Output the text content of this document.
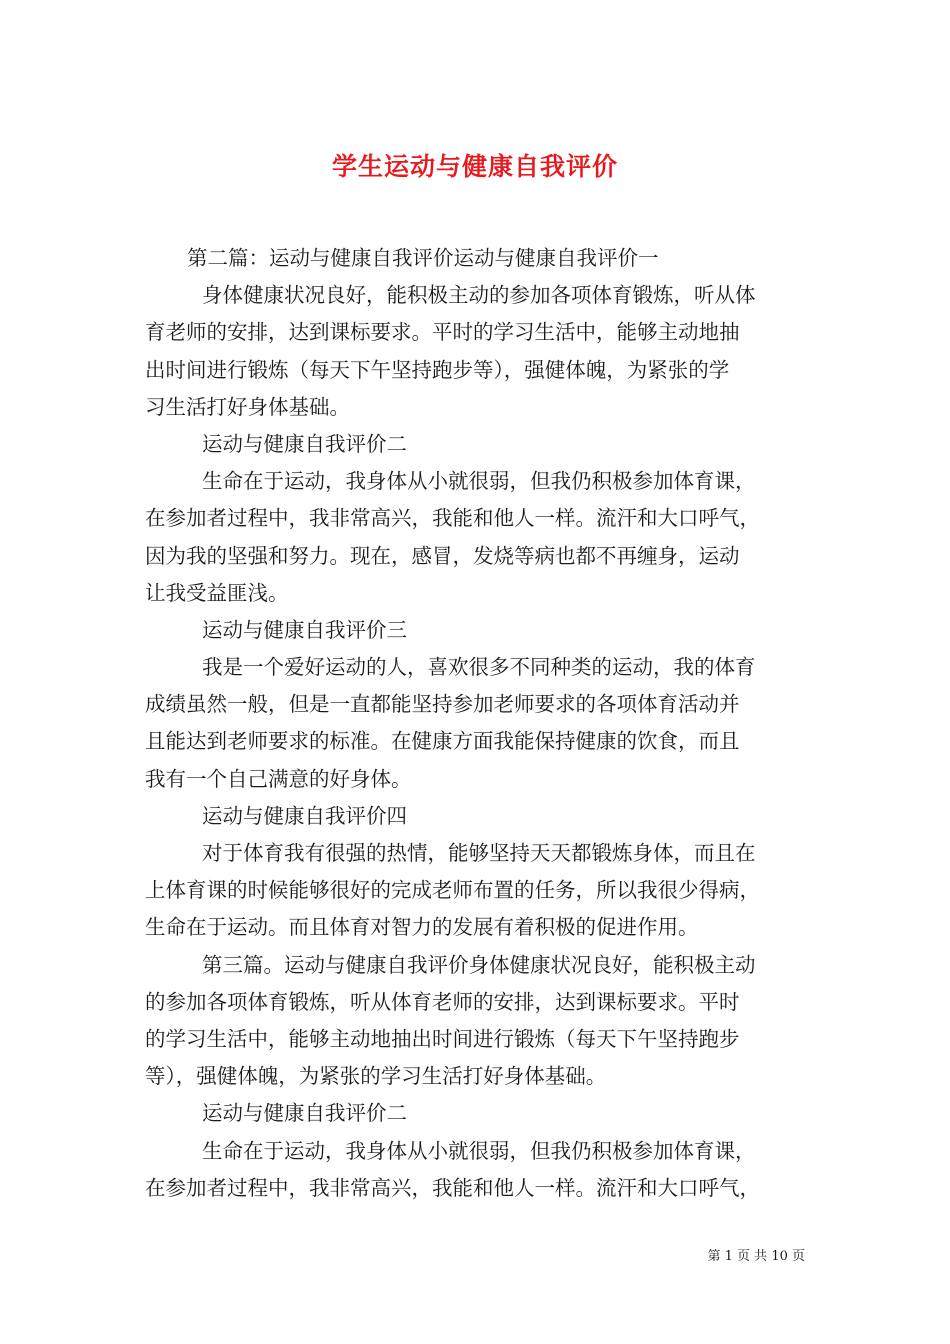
学生运动与健康自我评价
第二篇：运动与健康自我评价运动与健康自我评价一
身体健康状况良好，能积极主动的参加各项体育锻炼，听从体
育老师的安排，达到课标要求。平时的学习生活中，能够主动地抽
出时间进行锻炼（每天下午坚持跑步等），强健体魄，为紧张的学
习生活打好身体基础。
运动与健康自我评价二
生命在于运动，我身体从小就很弱，但我仍积极参加体育课，
在参加者过程中，我非常高兴，我能和他人一样。流汗和大口呼气，
因为我的坚强和努力。现在，感冒，发烧等病也都不再缠身，运动
让我受益匪浅。
运动与健康自我评价三
我是一个爱好运动的人，喜欢很多不同种类的运动，我的体育
成绩虽然一般，但是一直都能坚持参加老师要求的各项体育活动并
且能达到老师要求的标准。在健康方面我能保持健康的饮食，而且
我有一个自己满意的好身体。
运动与健康自我评价四
对于体育我有很强的热情，能够坚持天天都锻炼身体，而且在
上体育课的时候能够很好的完成老师布置的任务，所以我很少得病，
生命在于运动。而且体育对智力的发展有着积极的促进作用。
第三篇。运动与健康自我评价身体健康状况良好，能积极主动
的参加各项体育锻炼，听从体育老师的安排，达到课标要求。平时
的学习生活中，能够主动地抽出时间进行锻炼（每天下午坚持跑步
等），强健体魄，为紧张的学习生活打好身体基础。
运动与健康自我评价二
生命在于运动，我身体从小就很弱，但我仍积极参加体育课，
在参加者过程中，我非常高兴，我能和他人一样。流汗和大口呼气，
第 1 页 共 10 页
